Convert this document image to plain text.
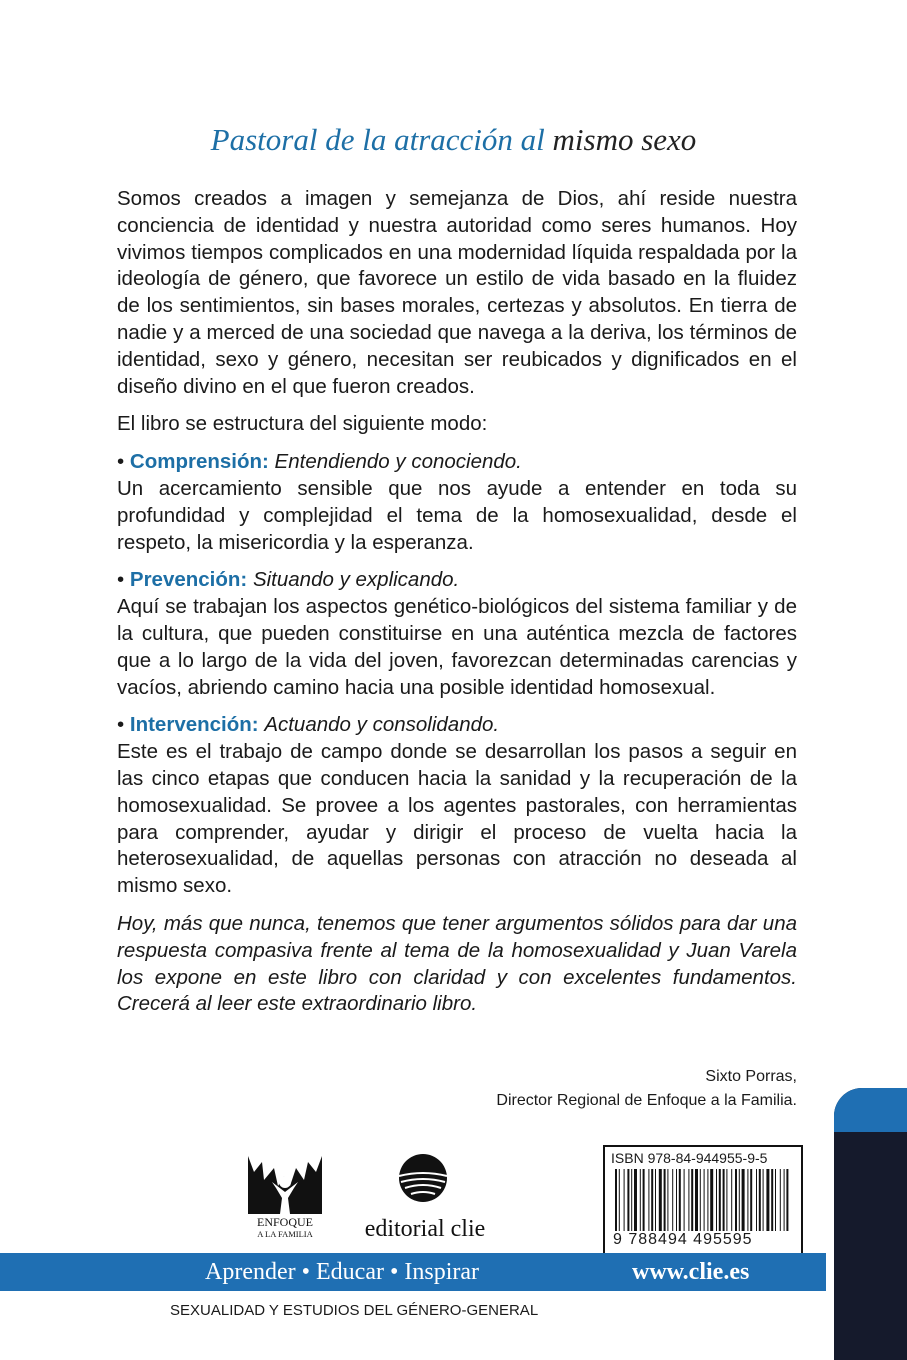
Pastoral de la atracción al mismo sexo

Somos creados a imagen y semejanza de Dios, ahí reside nuestra conciencia de identidad y nuestra autoridad como seres humanos. Hoy vivimos tiempos complicados en una modernidad líquida respaldada por la ideología de género, que favorece un estilo de vida basado en la fluidez de los sentimientos, sin bases morales, certezas y absolutos. En tierra de nadie y a merced de una sociedad que navega a la deriva, los términos de identidad, sexo y género, necesitan ser reubicados y dignificados en el diseño divino en el que fueron creados.

El libro se estructura del siguiente modo:

• Comprensión: Entendiendo y conociendo.
Un acercamiento sensible que nos ayude a entender en toda su profundidad y complejidad el tema de la homosexualidad, desde el respeto, la misericordia y la esperanza.
• Prevención: Situando y explicando.
Aquí se trabajan los aspectos genético-biológicos del sistema familiar y de la cultura, que pueden constituirse en una auténtica mezcla de factores que a lo largo de la vida del joven, favorezcan determinadas carencias y vacíos, abriendo camino hacia una posible identidad homosexual.
• Intervención: Actuando y consolidando.
Este es el trabajo de campo donde se desarrollan los pasos a seguir en las cinco etapas que conducen hacia la sanidad y la recuperación de la homosexualidad. Se provee a los agentes pastorales, con herramientas para comprender, ayudar y dirigir el proceso de vuelta hacia la heterosexualidad, de aquellas personas con atracción no deseada al mismo sexo.

Hoy, más que nunca, tenemos que tener argumentos sólidos para dar una respuesta compasiva frente al tema de la homosexualidad y Juan Varela los expone en este libro con claridad y con excelentes fundamentos. Crecerá al leer este extraordinario libro.

Sixto Porras,
Director Regional de Enfoque a la Familia.
ENFOQUE
A LA FAMILIA editorial clie
ISBN 978-84-944955-9-5
9 788494 495595
Aprender • Educar • Inspirar	www.clie.es
SEXUALIDAD Y ESTUDIOS DEL GÉNERO-GENERAL
